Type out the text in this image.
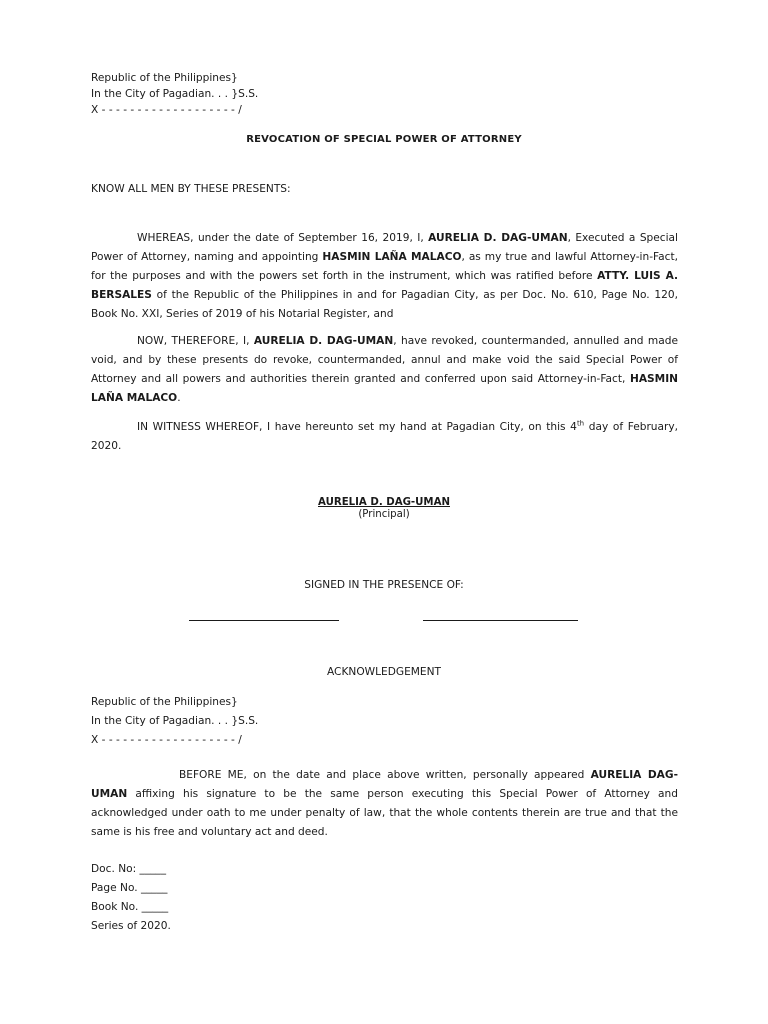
Republic of the Philippines}
In the City of Pagadian. . . }S.S.
X - - - - - - - - - - - - - - - - - - - /
REVOCATION OF SPECIAL POWER OF ATTORNEY
KNOW ALL MEN BY THESE PRESENTS:

WHEREAS, under the date of September 16, 2019, I, AURELIA D. DAG-UMAN, Executed a Special Power of Attorney, naming and appointing HASMIN LAÑA MALACO, as my true and lawful Attorney-in-Fact, for the purposes and with the powers set forth in the instrument, which was ratified before ATTY. LUIS A. BERSALES of the Republic of the Philippines in and for Pagadian City, as per Doc. No. 610, Page No. 120, Book No. XXI, Series of 2019 of his Notarial Register, and

NOW, THEREFORE, I, AURELIA D. DAG-UMAN, have revoked, countermanded, annulled and made void, and by these presents do revoke, countermanded, annul and make void the said Special Power of Attorney and all powers and authorities therein granted and conferred upon said Attorney-in-Fact, HASMIN LAÑA MALACO.

IN WITNESS WHEREOF, I have hereunto set my hand at Pagadian City, on this 4th day of February, 2020.

AURELIA D. DAG-UMAN
(Principal)
SIGNED IN THE PRESENCE OF:
ACKNOWLEDGEMENT
Republic of the Philippines}
In the City of Pagadian. . . }S.S.
X - - - - - - - - - - - - - - - - - - - /

BEFORE ME, on the date and place above written, personally appeared AURELIA DAG-UMAN affixing his signature to be the same person executing this Special Power of Attorney and acknowledged under oath to me under penalty of law, that the whole contents therein are true and that the same is his free and voluntary act and deed.

Doc. No: _____
Page No. _____
Book No. _____
Series of 2020.
